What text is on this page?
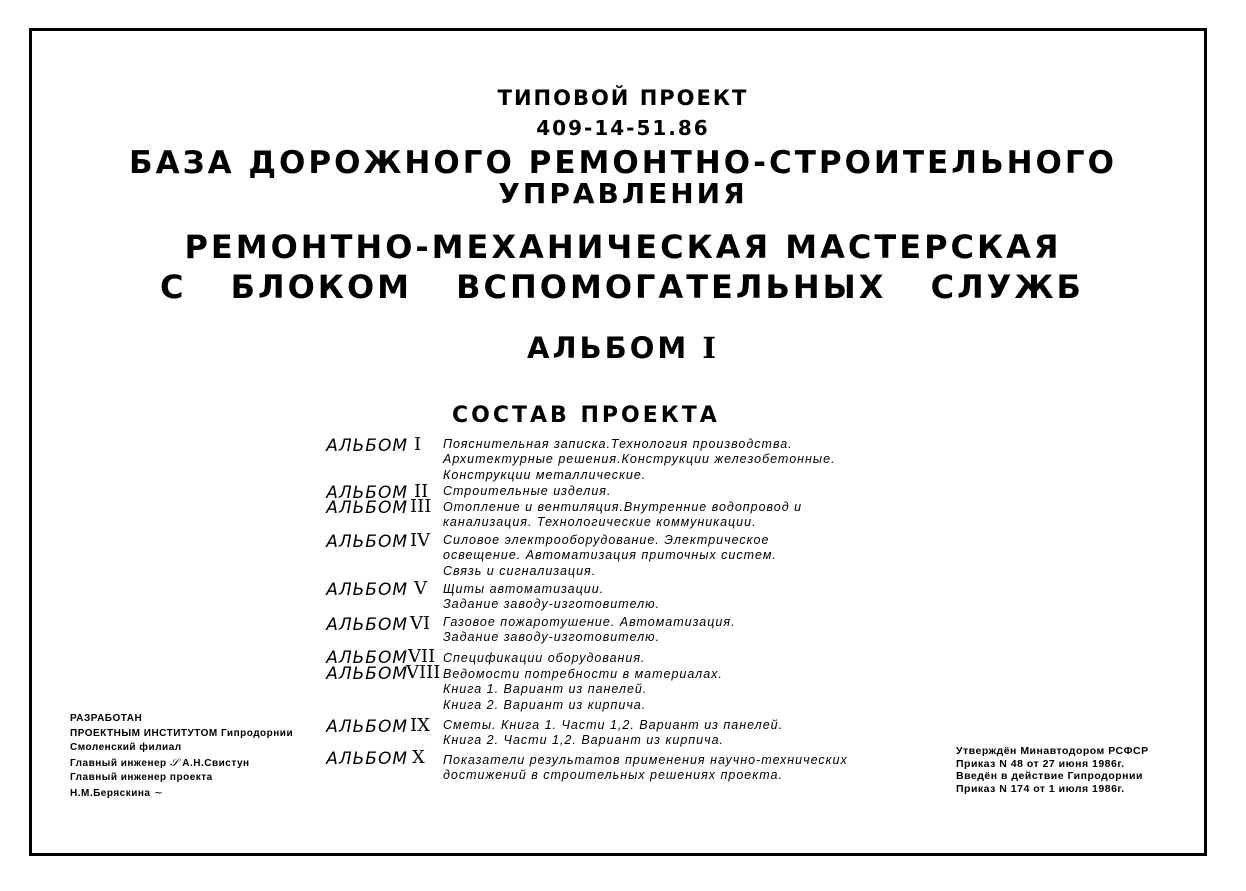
ТИПОВОЙ ПРОЕКТ
409-14-51.86
БАЗА ДОРОЖНОГО РЕМОНТНО-СТРОИТЕЛЬНОГО
УПРАВЛЕНИЯ
РЕМОНТНО-МЕХАНИЧЕСКАЯ МАСТЕРСКАЯ
С БЛОКОМ ВСПОМОГАТЕЛЬНЫХ СЛУЖБ
АЛЬБОМ I
СОСТАВ ПРОЕКТА
АЛЬБОМ I Пояснительная записка.Технология производства.
Архитектурные решения.Конструкции железобетонные.
Конструкции металлические.
АЛЬБОМ II Строительные изделия.
АЛЬБОМ III Отопление и вентиляция.Внутренние водопровод и
канализация. Технологические коммуникации.
АЛЬБОМ IV Силовое электрооборудование. Электрическое
освещение. Автоматизация приточных систем.
Связь и сигнализация.
АЛЬБОМ V Щиты автоматизации.
Задание заводу-изготовителю.
АЛЬБОМ VI Газовое пожаротушение. Автоматизация.
Задание заводу-изготовителю.
АЛЬБОМ VII Спецификации оборудования.
АЛЬБОМ
VIII Ведомости потребности в материалах.
Книга 1. Вариант из панелей.
Книга 2. Вариант из кирпича.
АЛЬБОМ IX Сметы. Книга 1. Части 1,2. Вариант из панелей.
Книга 2. Части 1,2. Вариант из кирпича.
АЛЬБОМ X Показатели результатов применения научно-технических
достижений в строительных решениях проекта.
РАЗРАБОТАН
ПРОЕКТНЫМ ИНСТИТУТОМ Гипродорнии
Смоленский филиал
Главный инженер 𝒮 А.Н.Свистун
Главный инженер проекта
Н.М.Беряскина ~
Утверждён Минавтодором РСФСР
Приказ N 48 от 27 июня 1986г.
Введён в действие Гипродорнии
Приказ N 174 от 1 июля 1986г.
